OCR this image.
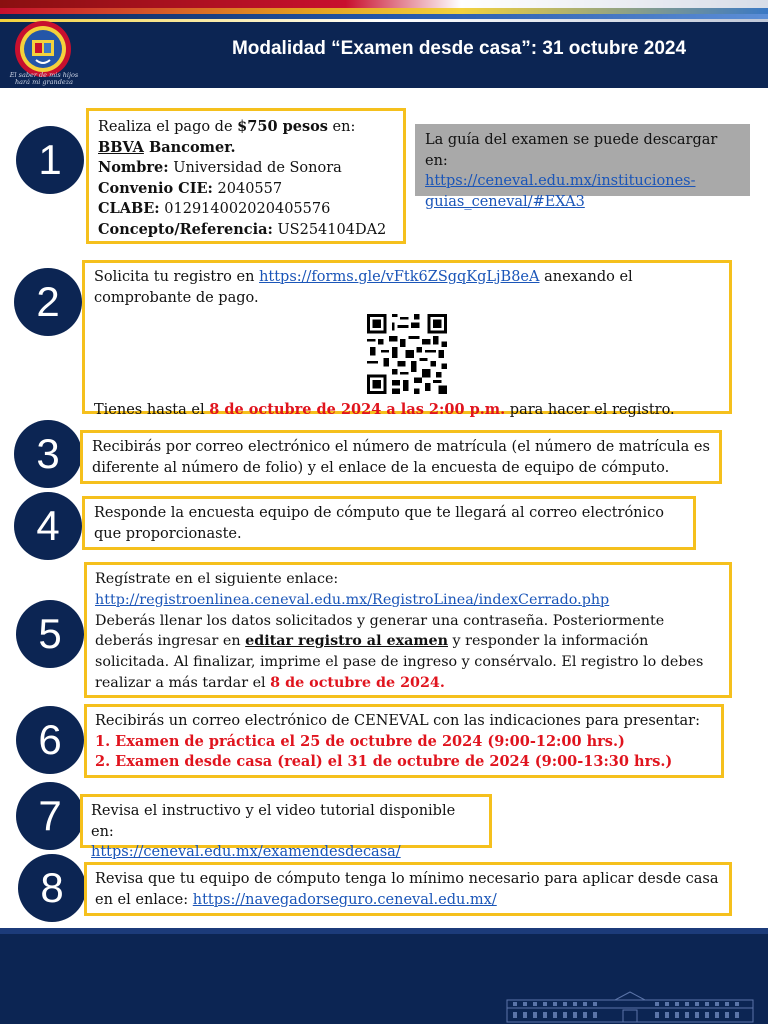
El saber de mis hijos hará mi grandeza
Modalidad “Examen desde casa”: 31 octubre 2024
La guía del examen se puede descargar en:
https://ceneval.edu.mx/instituciones-guias_ceneval/#EXA3
1
Realiza el pago de $750 pesos en:
BBVA Bancomer.
Nombre: Universidad de Sonora
Convenio CIE: 2040557
CLABE: 012914002020405576
Concepto/Referencia: US254104DA2
2
Solicita tu registro en https://forms.gle/vFtk6ZSgqKgLjB8eA anexando el comprobante de pago.
Tienes hasta el 8 de octubre de 2024 a las 2:00 p.m. para hacer el registro.
3	Recibirás por correo electrónico el número de matrícula (el número de matrícula es diferente al número de folio) y el enlace de la encuesta de equipo de cómputo.
4	Responde la encuesta equipo de cómputo que te llegará al correo electrónico que proporcionaste.
5
Regístrate en el siguiente enlace:
http://registroenlinea.ceneval.edu.mx/RegistroLinea/indexCerrado.php
Deberás llenar los datos solicitados y generar una contraseña. Posteriormente deberás ingresar en editar registro al examen y responder la información solicitada. Al finalizar, imprime el pase de ingreso y consérvalo. El registro lo debes realizar a más tardar el 8 de octubre de 2024.
6	Recibirás un correo electrónico de CENEVAL con las indicaciones para presentar:
1. Examen de práctica el 25 de octubre de 2024 (9:00-12:00 hrs.)
2. Examen desde casa (real) el 31 de octubre de 2024 (9:00-13:30 hrs.)
7	Revisa el instructivo y el video tutorial disponible en:
https://ceneval.edu.mx/examendesdecasa/
8	Revisa que tu equipo de cómputo tenga lo mínimo necesario para aplicar desde casa en el enlace: https://navegadorseguro.ceneval.edu.mx/
